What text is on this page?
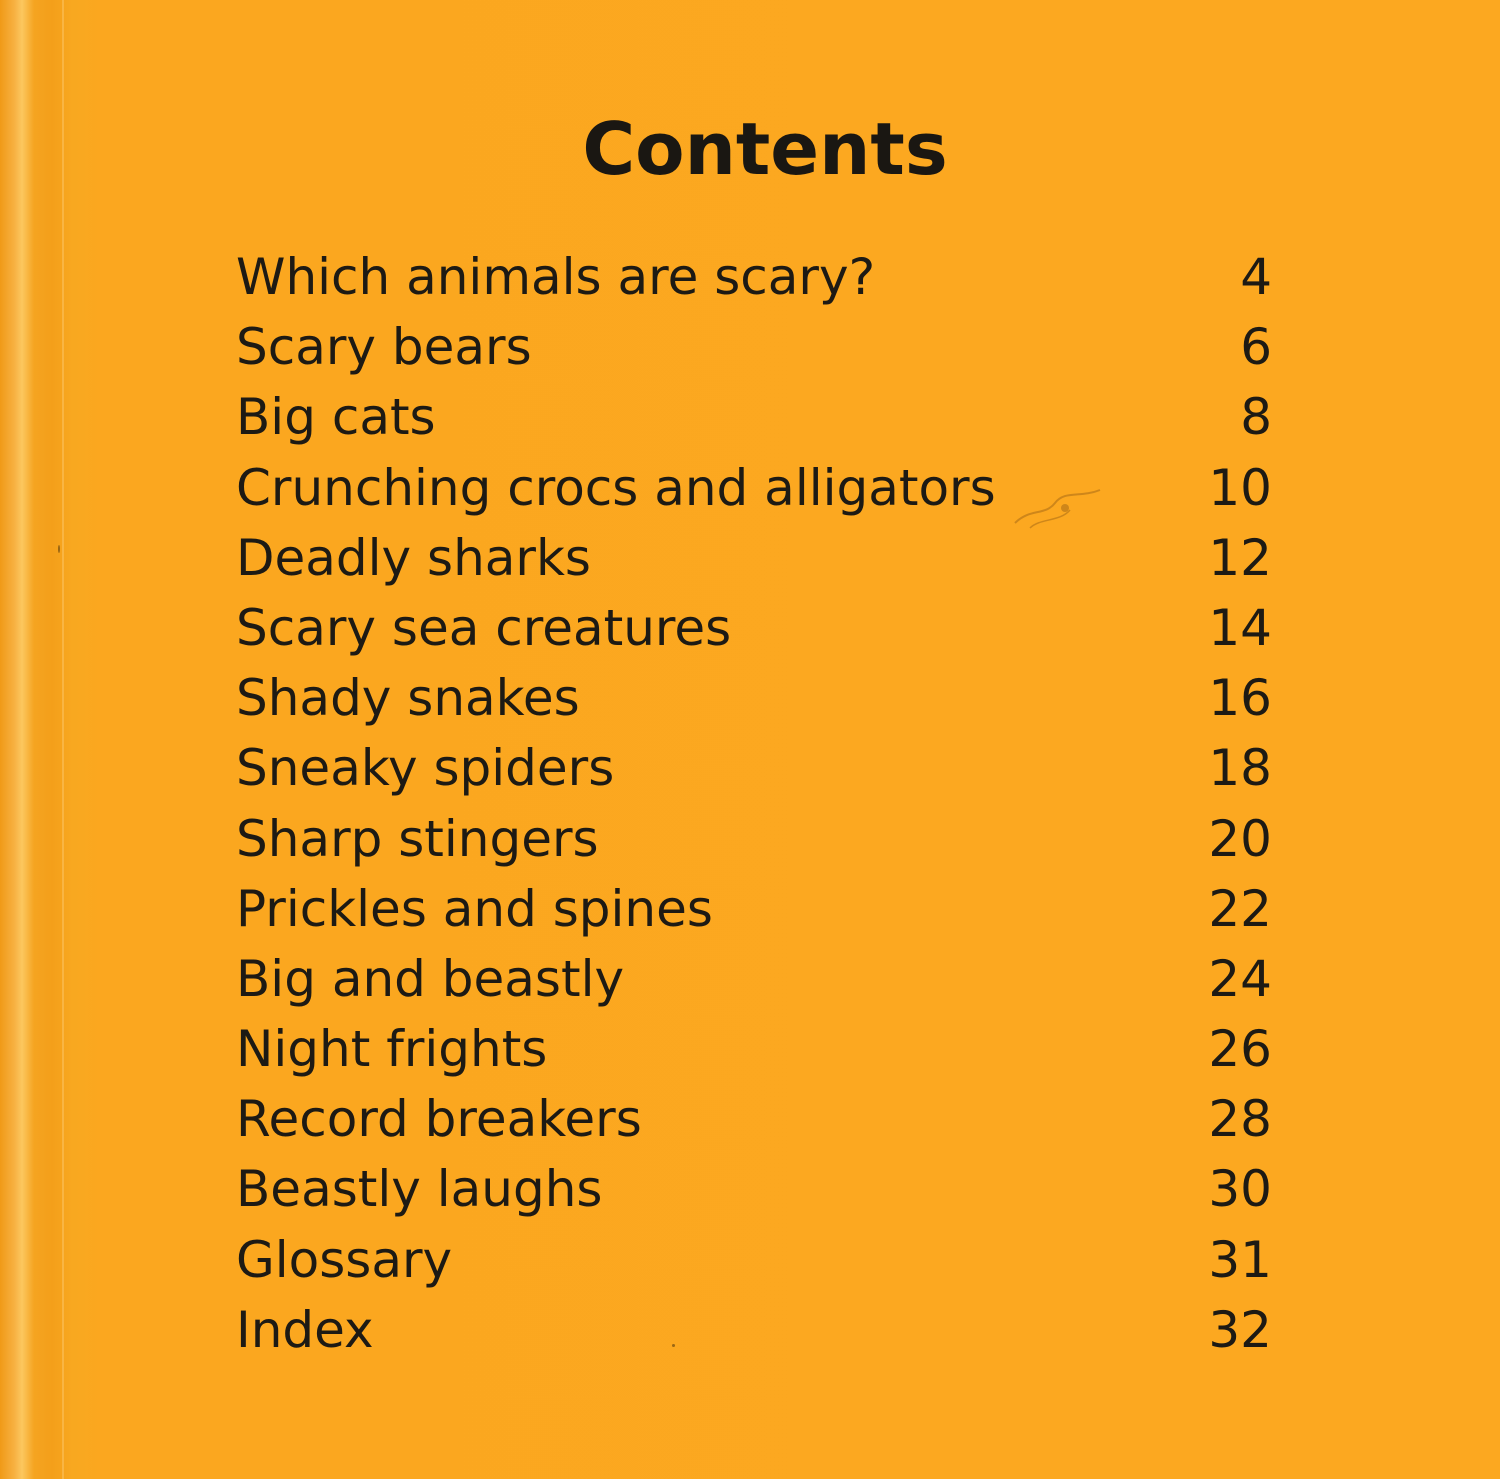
Contents
Which animals are scary?	4
Scary bears	6
Big cats	8
Crunching crocs and alligators	10
Deadly sharks	12
Scary sea creatures	14
Shady snakes	16
Sneaky spiders	18
Sharp stingers	20
Prickles and spines	22
Big and beastly	24
Night frights	26
Record breakers	28
Beastly laughs	30
Glossary	31
Index	32
